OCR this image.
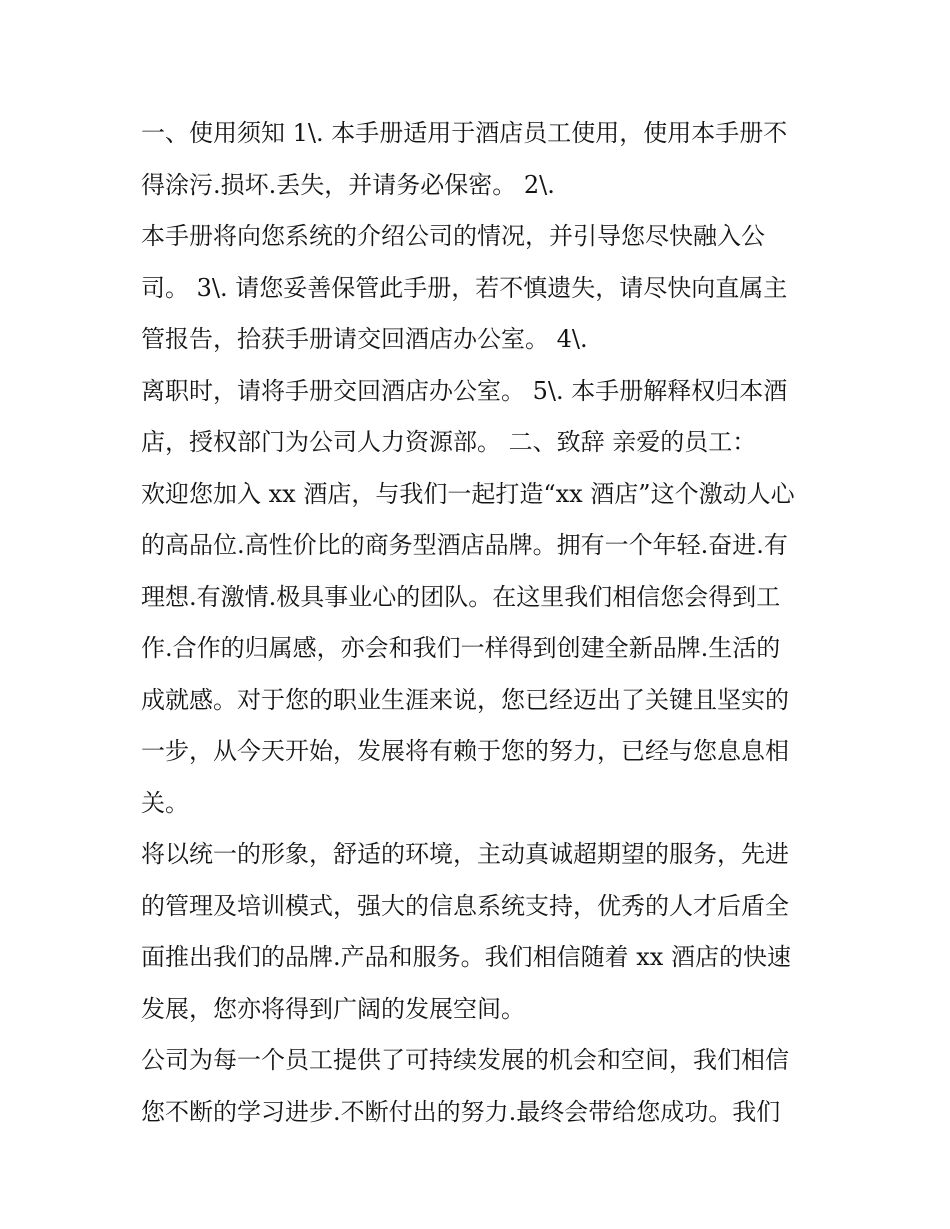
一、使用须知 1\. 本手册适用于酒店员工使用，使用本手册不
得涂污.损坏.丢失，并请务必保密。 2\.
本手册将向您系统的介绍公司的情况，并引导您尽快融入公
司。 3\. 请您妥善保管此手册，若不慎遗失，请尽快向直属主
管报告，拾获手册请交回酒店办公室。 4\.
离职时，请将手册交回酒店办公室。 5\. 本手册解释权归本酒
店，授权部门为公司人力资源部。 二、致辞 亲爱的员工：
欢迎您加入 xx 酒店，与我们一起打造“xx 酒店”这个激动人心
的高品位.高性价比的商务型酒店品牌。拥有一个年轻.奋进.有
理想.有激情.极具事业心的团队。在这里我们相信您会得到工
作.合作的归属感，亦会和我们一样得到创建全新品牌.生活的
成就感。对于您的职业生涯来说，您已经迈出了关键且坚实的
一步，从今天开始，发展将有赖于您的努力，已经与您息息相
关。
将以统一的形象，舒适的环境，主动真诚超期望的服务，先进
的管理及培训模式，强大的信息系统支持，优秀的人才后盾全
面推出我们的品牌.产品和服务。我们相信随着 xx 酒店的快速
发展，您亦将得到广阔的发展空间。
公司为每一个员工提供了可持续发展的机会和空间，我们相信
您不断的学习进步.不断付出的努力.最终会带给您成功。我们
